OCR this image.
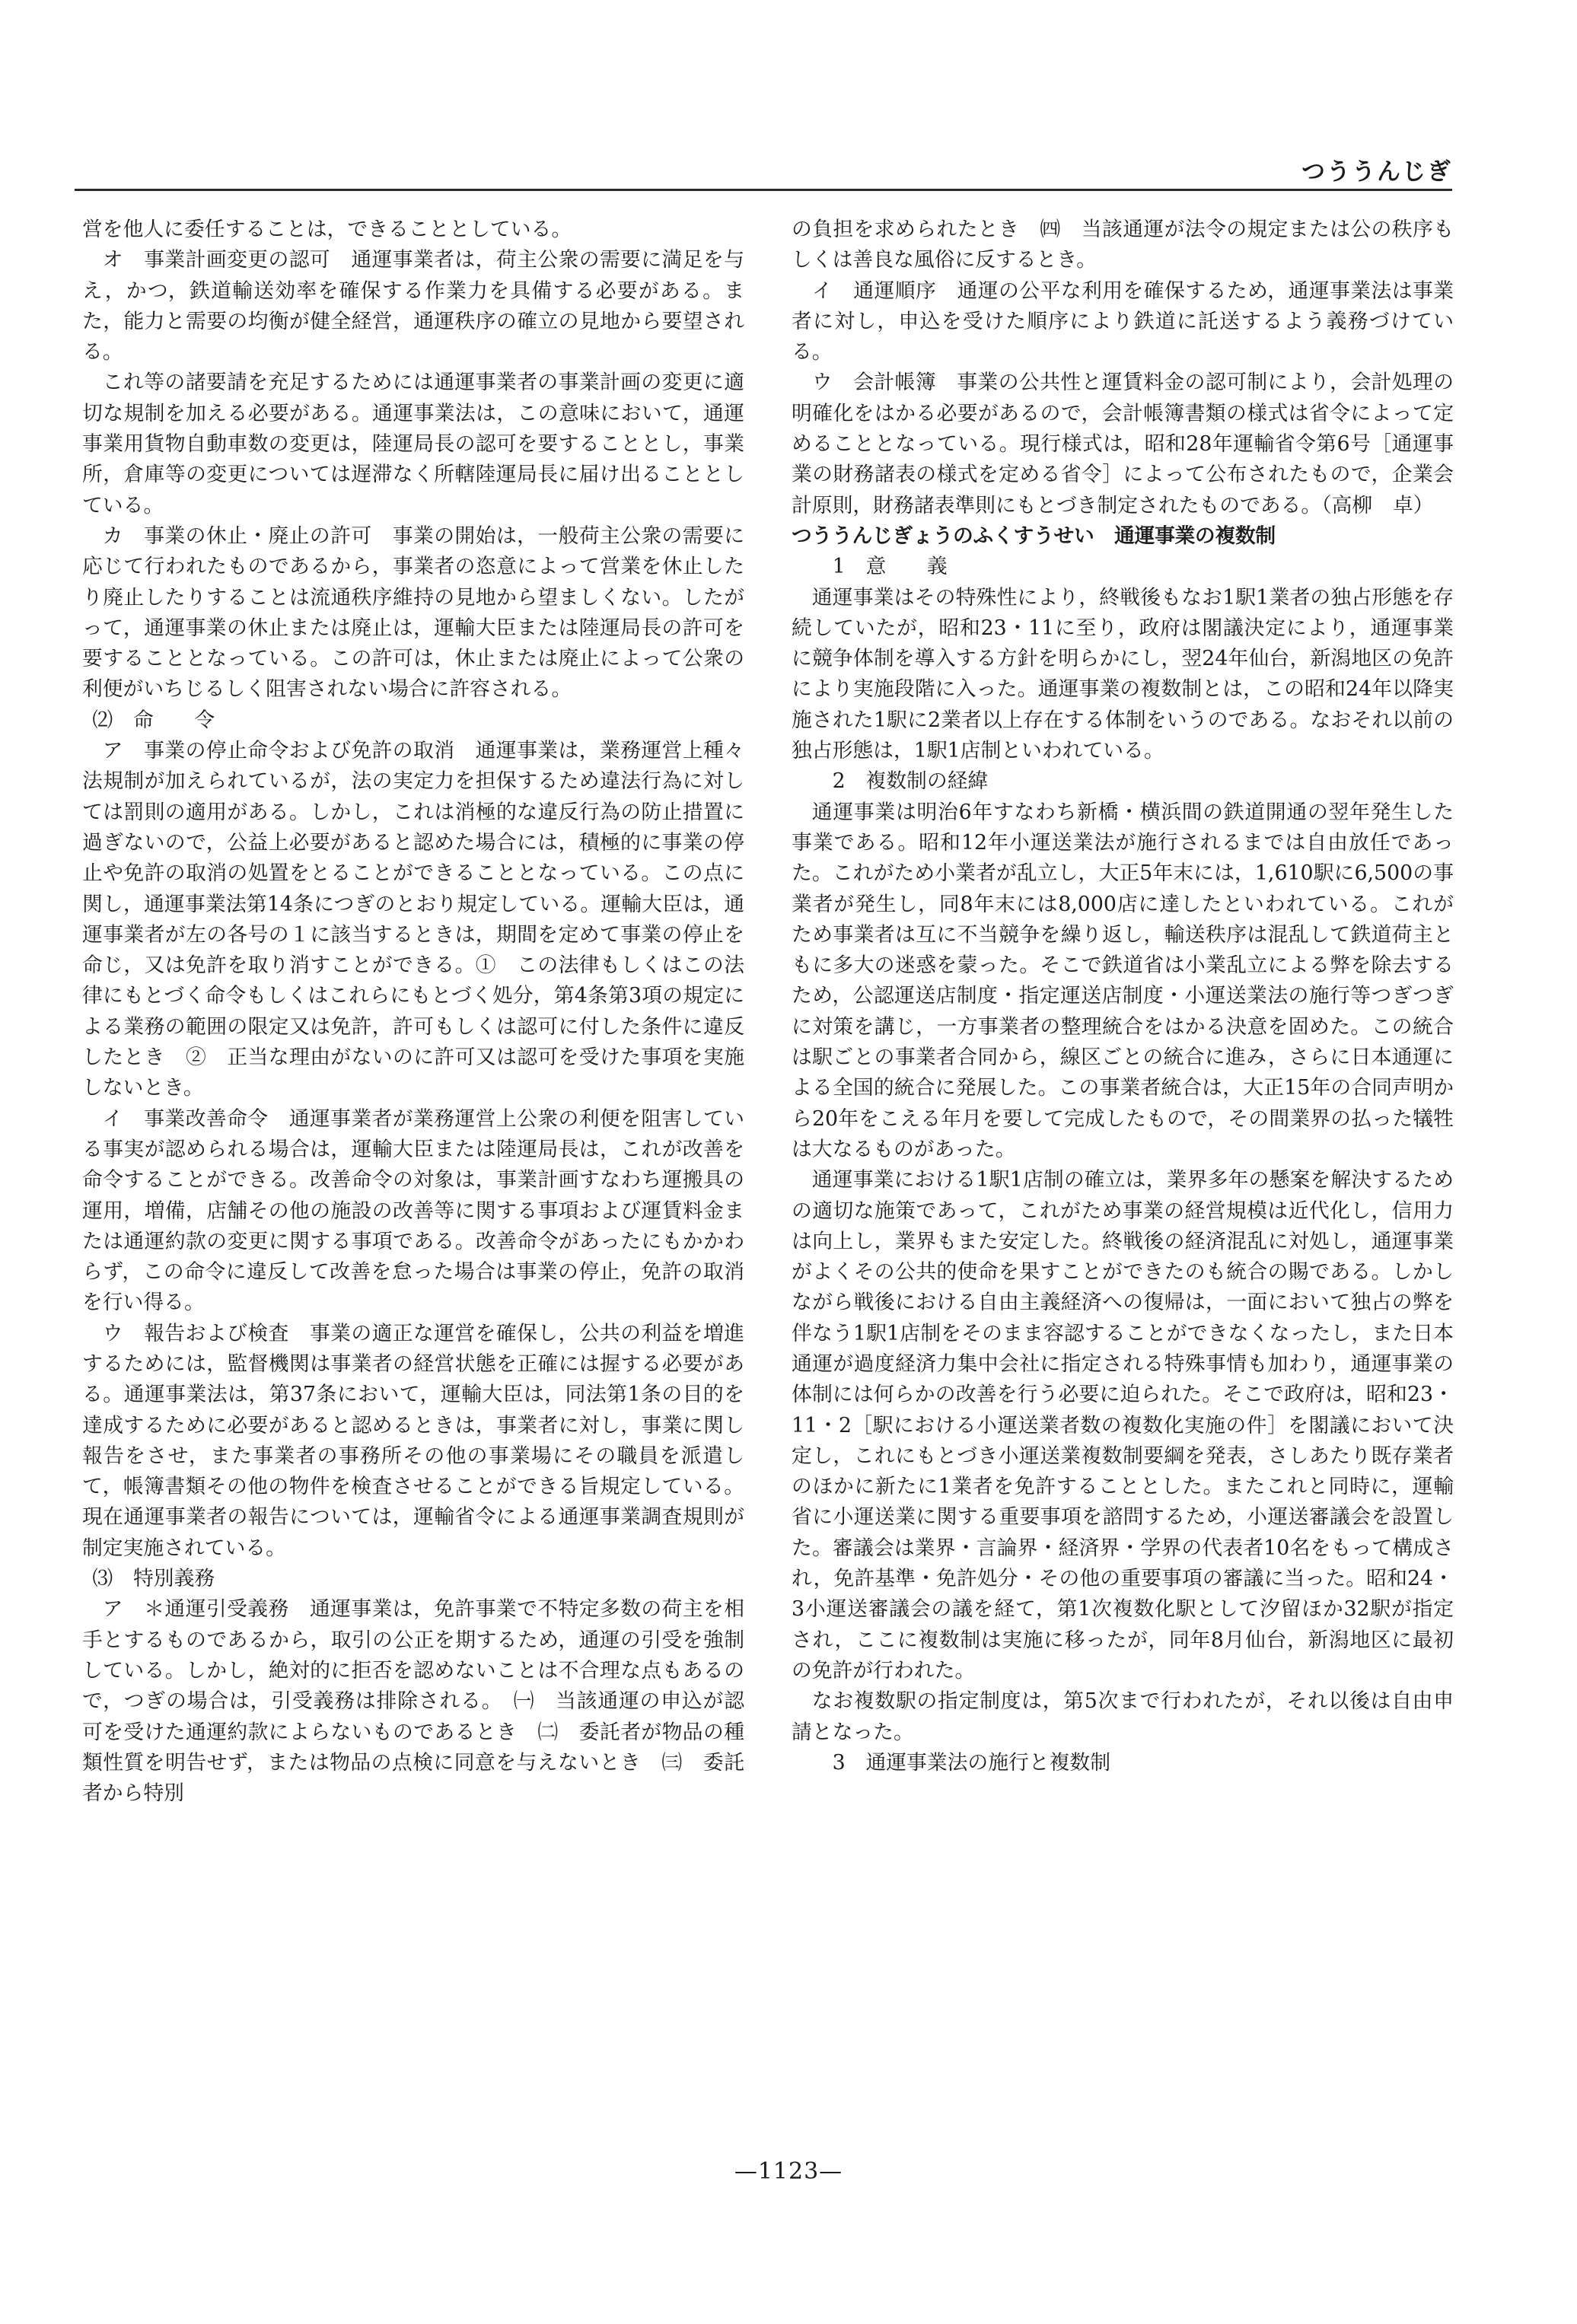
つううんじぎ

営を他人に委任することは，できることとしている。

オ　事業計画変更の認可　通運事業者は，荷主公衆の需要に満足を与え，かつ，鉄道輸送効率を確保する作業力を具備する必要がある。また，能力と需要の均衡が健全経営，通運秩序の確立の見地から要望される。

これ等の諸要請を充足するためには通運事業者の事業計画の変更に適切な規制を加える必要がある。通運事業法は，この意味において，通運事業用貨物自動車数の変更は，陸運局長の認可を要することとし，事業所，倉庫等の変更については遅滞なく所轄陸運局長に届け出ることとしている。

カ　事業の休止・廃止の許可　事業の開始は，一般荷主公衆の需要に応じて行われたものであるから，事業者の恣意によって営業を休止したり廃止したりすることは流通秩序維持の見地から望ましくない。したがって，通運事業の休止または廃止は，運輸大臣または陸運局長の許可を要することとなっている。この許可は，休止または廃止によって公衆の利便がいちじるしく阻害されない場合に許容される。

⑵　命　　令

ア　事業の停止命令および免許の取消　通運事業は，業務運営上種々法規制が加えられているが，法の実定力を担保するため違法行為に対しては罰則の適用がある。しかし，これは消極的な違反行為の防止措置に過ぎないので，公益上必要があると認めた場合には，積極的に事業の停止や免許の取消の処置をとることができることとなっている。この点に関し，通運事業法第14条につぎのとおり規定している。運輸大臣は，通運事業者が左の各号の１に該当するときは，期間を定めて事業の停止を命じ，又は免許を取り消すことができる。①　この法律もしくはこの法律にもとづく命令もしくはこれらにもとづく処分，第4条第3項の規定による業務の範囲の限定又は免許，許可もしくは認可に付した条件に違反したとき　②　正当な理由がないのに許可又は認可を受けた事項を実施しないとき。

イ　事業改善命令　通運事業者が業務運営上公衆の利便を阻害している事実が認められる場合は，運輸大臣または陸運局長は，これが改善を命令することができる。改善命令の対象は，事業計画すなわち運搬具の運用，増備，店舗その他の施設の改善等に関する事項および運賃料金または通運約款の変更に関する事項である。改善命令があったにもかかわらず，この命令に違反して改善を怠った場合は事業の停止，免許の取消を行い得る。

ウ　報告および検査　事業の適正な運営を確保し，公共の利益を増進するためには，監督機関は事業者の経営状態を正確には握する必要がある。通運事業法は，第37条において，運輸大臣は，同法第1条の目的を達成するために必要があると認めるときは，事業者に対し，事業に関し報告をさせ，また事業者の事務所その他の事業場にその職員を派遣して，帳簿書類その他の物件を検査させることができる旨規定している。現在通運事業者の報告については，運輸省令による通運事業調査規則が制定実施されている。

⑶　特別義務

ア　＊通運引受義務　通運事業は，免許事業で不特定多数の荷主を相手とするものであるから，取引の公正を期するため，通運の引受を強制している。しかし，絶対的に拒否を認めないことは不合理な点もあるので，つぎの場合は，引受義務は排除される。　㈠　当該通運の申込が認可を受けた通運約款によらないものであるとき　㈡　委託者が物品の種類性質を明告せず，または物品の点検に同意を与えないとき　㈢　委託者から特別

の負担を求められたとき　㈣　当該通運が法令の規定または公の秩序もしくは善良な風俗に反するとき。

イ　通運順序　通運の公平な利用を確保するため，通運事業法は事業者に対し，申込を受けた順序により鉄道に託送するよう義務づけている。

ウ　会計帳簿　事業の公共性と運賃料金の認可制により，会計処理の明確化をはかる必要があるので，会計帳簿書類の様式は省令によって定めることとなっている。現行様式は，昭和28年運輸省令第6号［通運事業の財務諸表の様式を定める省令］によって公布されたもので，企業会計原則，財務諸表準則にもとづき制定されたものである。（高柳　卓）

つううんじぎょうのふくすうせい　通運事業の複数制

1　意　　義

通運事業はその特殊性により，終戦後もなお1駅1業者の独占形態を存続していたが，昭和23・11に至り，政府は閣議決定により，通運事業に競争体制を導入する方針を明らかにし，翌24年仙台，新潟地区の免許により実施段階に入った。通運事業の複数制とは，この昭和24年以降実施された1駅に2業者以上存在する体制をいうのである。なおそれ以前の独占形態は，1駅1店制といわれている。

2　複数制の経緯

通運事業は明治6年すなわち新橋・横浜間の鉄道開通の翌年発生した事業である。昭和12年小運送業法が施行されるまでは自由放任であった。これがため小業者が乱立し，大正5年末には，1,610駅に6,500の事業者が発生し，同8年末には8,000店に達したといわれている。これがため事業者は互に不当競争を繰り返し，輸送秩序は混乱して鉄道荷主ともに多大の迷惑を蒙った。そこで鉄道省は小業乱立による弊を除去するため，公認運送店制度・指定運送店制度・小運送業法の施行等つぎつぎに対策を講じ，一方事業者の整理統合をはかる決意を固めた。この統合は駅ごとの事業者合同から，線区ごとの統合に進み，さらに日本通運による全国的統合に発展した。この事業者統合は，大正15年の合同声明から20年をこえる年月を要して完成したもので，その間業界の払った犠牲は大なるものがあった。

通運事業における1駅1店制の確立は，業界多年の懸案を解決するための適切な施策であって，これがため事業の経営規模は近代化し，信用力は向上し，業界もまた安定した。終戦後の経済混乱に対処し，通運事業がよくその公共的使命を果すことができたのも統合の賜である。しかしながら戦後における自由主義経済への復帰は，一面において独占の弊を伴なう1駅1店制をそのまま容認することができなくなったし，また日本通運が過度経済力集中会社に指定される特殊事情も加わり，通運事業の体制には何らかの改善を行う必要に迫られた。そこで政府は，昭和23・11・2［駅における小運送業者数の複数化実施の件］を閣議において決定し，これにもとづき小運送業複数制要綱を発表，さしあたり既存業者のほかに新たに1業者を免許することとした。またこれと同時に，運輸省に小運送業に関する重要事項を諮問するため，小運送審議会を設置した。審議会は業界・言論界・経済界・学界の代表者10名をもって構成され，免許基準・免許処分・その他の重要事項の審議に当った。昭和24・3小運送審議会の議を経て，第1次複数化駅として汐留ほか32駅が指定され，ここに複数制は実施に移ったが，同年8月仙台，新潟地区に最初の免許が行われた。

なお複数駅の指定制度は，第5次まで行われたが，それ以後は自由申請となった。

3　通運事業法の施行と複数制

—1123—
